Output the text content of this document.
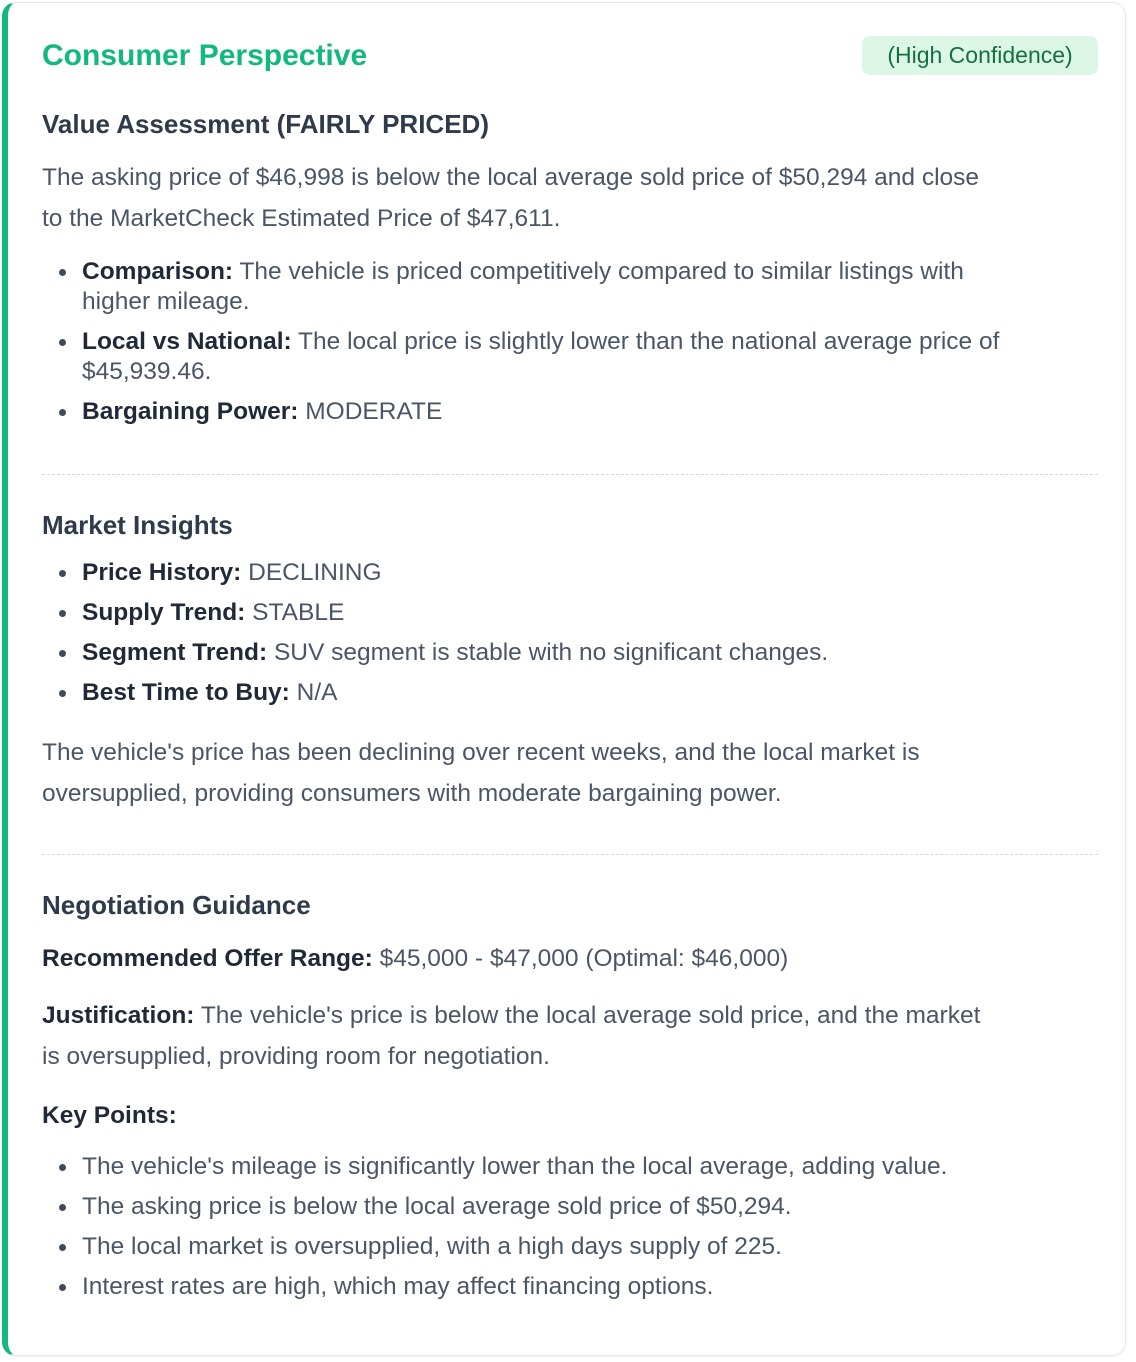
Consumer Perspective	(High Confidence)
Value Assessment (FAIRLY PRICED)
The asking price of $46,998 is below the local average sold price of $50,294 and close
to the MarketCheck Estimated Price of $47,611.
Comparison: The vehicle is priced competitively compared to similar listings with
higher mileage.
Local vs National: The local price is slightly lower than the national average price of
$45,939.46.
Bargaining Power: MODERATE
Market Insights
Price History: DECLINING
Supply Trend: STABLE
Segment Trend: SUV segment is stable with no significant changes.
Best Time to Buy: N/A
The vehicle's price has been declining over recent weeks, and the local market is
oversupplied, providing consumers with moderate bargaining power.
Negotiation Guidance
Recommended Offer Range: $45,000 - $47,000 (Optimal: $46,000)
Justification: The vehicle's price is below the local average sold price, and the market
is oversupplied, providing room for negotiation.
Key Points:
The vehicle's mileage is significantly lower than the local average, adding value.
The asking price is below the local average sold price of $50,294.
The local market is oversupplied, with a high days supply of 225.
Interest rates are high, which may affect financing options.
